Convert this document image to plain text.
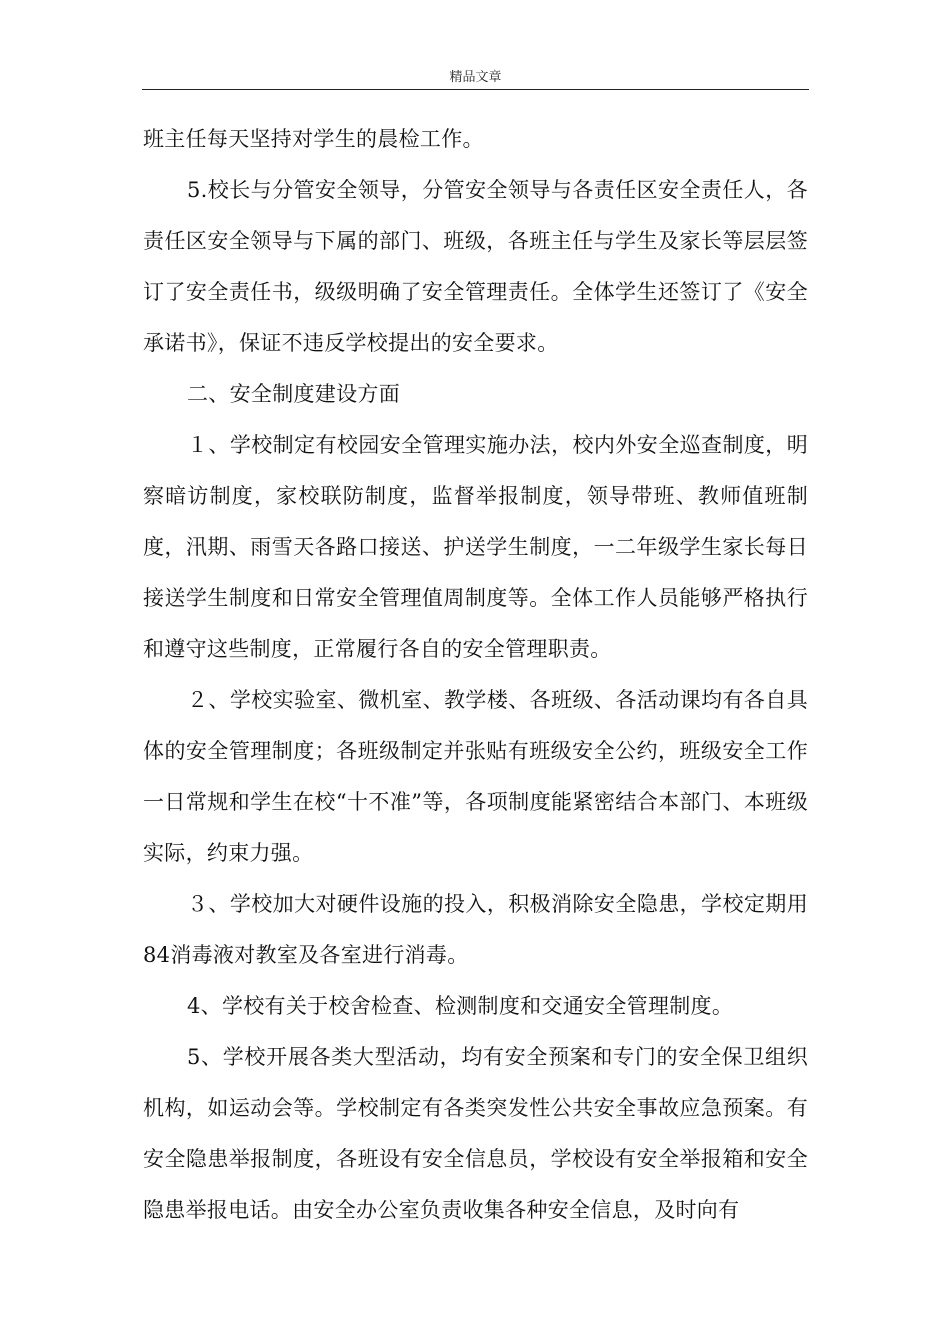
精品文章

班主任每天坚持对学生的晨检工作。

5.校长与分管安全领导，分管安全领导与各责任区安全责任人，各责任区安全领导与下属的部门、班级，各班主任与学生及家长等层层签订了安全责任书，级级明确了安全管理责任。全体学生还签订了《安全承诺书》，保证不违反学校提出的安全要求。

二、安全制度建设方面

１、学校制定有校园安全管理实施办法，校内外安全巡查制度，明察暗访制度，家校联防制度，监督举报制度，领导带班、教师值班制度，汛期、雨雪天各路口接送、护送学生制度，一二年级学生家长每日接送学生制度和日常安全管理值周制度等。全体工作人员能够严格执行和遵守这些制度，正常履行各自的安全管理职责。

２、学校实验室、微机室、教学楼、各班级、各活动课均有各自具体的安全管理制度；各班级制定并张贴有班级安全公约，班级安全工作一日常规和学生在校“十不准”等，各项制度能紧密结合本部门、本班级实际，约束力强。

３、学校加大对硬件设施的投入，积极消除安全隐患，学校定期用84消毒液对教室及各室进行消毒。

4、学校有关于校舍检查、检测制度和交通安全管理制度。

5、学校开展各类大型活动，均有安全预案和专门的安全保卫组织机构，如运动会等。学校制定有各类突发性公共安全事故应急预案。有安全隐患举报制度，各班设有安全信息员，学校设有安全举报箱和安全隐患举报电话。由安全办公室负责收集各种安全信息，及时向有
